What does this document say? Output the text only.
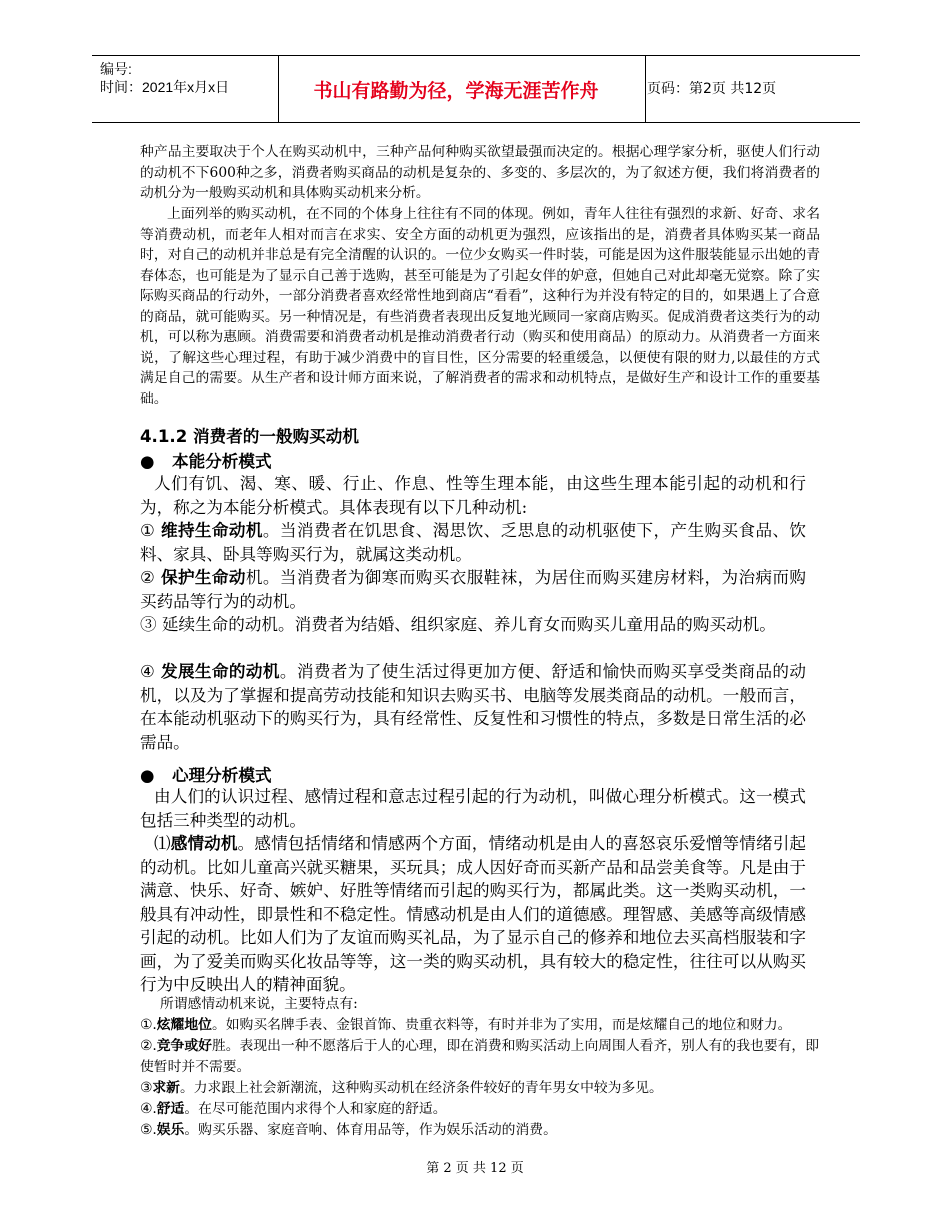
编号:
时间：2021年x月x日	书山有路勤为径，学海无涯苦作舟	页码：第2页 共12页
种产品主要取决于个人在购买动机中，三种产品何种购买欲望最强而决定的。根据心理学家分析，驱使人们行动的动机不下600种之多，消费者购买商品的动机是复杂的、多变的、多层次的，为了叙述方便，我们将消费者的动机分为一般购买动机和具体购买动机来分析。
上面列举的购买动机，在不同的个体身上往往有不同的体现。例如，青年人往往有强烈的求新、好奇、求名等消费动机，而老年人相对而言在求实、安全方面的动机更为强烈，应该指出的是，消费者具体购买某一商品时，对自己的动机并非总是有完全清醒的认识的。一位少女购买一件时装，可能是因为这件服装能显示出她的青春体态，也可能是为了显示自己善于选购，甚至可能是为了引起女伴的妒意，但她自己对此却毫无觉察。除了实际购买商品的行动外，一部分消费者喜欢经常性地到商店“看看”，这种行为并没有特定的目的，如果遇上了合意的商品，就可能购买。另一种情况是，有些消费者表现出反复地光顾同一家商店购买。促成消费者这类行为的动机，可以称为惠顾。消费需要和消费者动机是推动消费者行动（购买和使用商品）的原动力。从消费者一方面来说，了解这些心理过程，有助于减少消费中的盲目性，区分需要的轻重缓急，以便使有限的财力,以最佳的方式满足自己的需要。从生产者和设计师方面来说，了解消费者的需求和动机特点，是做好生产和设计工作的重要基础。
4.1.2 消费者的一般购买动机
● 本能分析模式
人们有饥、渴、寒、暖、行止、作息、性等生理本能，由这些生理本能引起的动机和行为，称之为本能分析模式。具体表现有以下几种动机:
① 维持生命动机。当消费者在饥思食、渴思饮、乏思息的动机驱使下，产生购买食品、饮料、家具、卧具等购买行为，就属这类动机。
② 保护生命动机。当消费者为御寒而购买衣服鞋袜，为居住而购买建房材料，为治病而购买药品等行为的动机。
③ 延续生命的动机。消费者为结婚、组织家庭、养儿育女而购买儿童用品的购买动机。
④ 发展生命的动机。消费者为了使生活过得更加方便、舒适和愉快而购买享受类商品的动机，以及为了掌握和提高劳动技能和知识去购买书、电脑等发展类商品的动机。一般而言，在本能动机驱动下的购买行为，具有经常性、反复性和习惯性的特点，多数是日常生活的必需品。
● 心理分析模式
由人们的认识过程、感情过程和意志过程引起的行为动机，叫做心理分析模式。这一模式包括三种类型的动机。
⑴感情动机。感情包括情绪和情感两个方面，情绪动机是由人的喜怒哀乐爱憎等情绪引起的动机。比如儿童高兴就买糖果，买玩具；成人因好奇而买新产品和品尝美食等。凡是由于满意、快乐、好奇、嫉妒、好胜等情绪而引起的购买行为，都属此类。这一类购买动机，一般具有冲动性，即景性和不稳定性。情感动机是由人们的道德感。理智感、美感等高级情感引起的动机。比如人们为了友谊而购买礼品，为了显示自己的修养和地位去买高档服装和字画，为了爱美而购买化妆品等等，这一类的购买动机，具有较大的稳定性，往往可以从购买行为中反映出人的精神面貌。
所谓感情动机来说，主要特点有:
①.炫耀地位。如购买名牌手表、金银首饰、贵重衣料等，有时并非为了实用，而是炫耀自己的地位和财力。
②.竞争或好胜。表现出一种不愿落后于人的心理，即在消费和购买活动上向周围人看齐，别人有的我也要有，即使暂时并不需要。
③求新。力求跟上社会新潮流，这种购买动机在经济条件较好的青年男女中较为多见。
④.舒适。在尽可能范围内求得个人和家庭的舒适。
⑤.娱乐。购买乐器、家庭音响、体育用品等，作为娱乐活动的消费。
第 2 页 共 12 页
